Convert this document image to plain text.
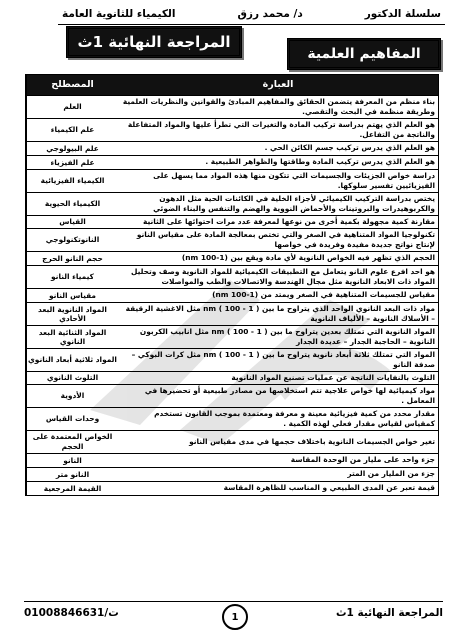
سلسلة الدكتور
د/ محمد رزق
الكيمياء للثانوية العامة
المراجعة النهائية 1ث
المفاهيم العلمية
العبارة
المصطلح
بناء منظم من المعرفة يتضمن الحقائق والمفاهيم المبادئ والقوانين والنظريات العلمية وطريقة منظمة في البحث والتقصي.
العلم
هو العلم الذي يهتم بدراسة تركيب المادة والتغيرات التي تطرأ عليها والمواد المتفاعلة والناتجة من التفاعل.
علم الكيمياء
هو العلم الذي يدرس تركيب جسم الكائن الحي .
علم البيولوجي
هو العلم الذي يدرس تركيب المادة وطاقتها والظواهر الطبيعية .
علم الفيزياء
دراسة خواص الجزيئات والجسيمات التي تتكون منها هذه المواد مما يسهل على الفيزيائيين تفسير سلوكها.
الكيمياء الفيزيائية
يختص بدراسة التركيب الكيميائي لأجزاء الخلية في الكائنات الحية مثل الدهون والكربوهيدرات والبروتينات والأحماض النووية والهضم والتنفس والبناء الضوئي
الكيمياء الحيوية
مقارنة كمية مجهولة بكمية أخرى من نوعها لمعرفة عدد مرات احتوائها على الثانية
القياس
تكنولوجيا المواد المتناهية في الصغر والتي تختص بمعالجة المادة على مقياس النانو لإنتاج نواتج جديدة مفيدة وفريدة في خواصها
النانوتكنولوجي
الحجم الذي تظهر فيه الخواص النانوية لأي مادة ويقع بين (1-100 nm)
حجم النانو الحرج
هو احد افرع علوم النانو يتعامل مع التطبيقات الكيميائية للمواد النانوية وصف وتحليل المواد ذات الابعاد النانوية مثل مجال الهندسة والاتصالات والطب والمواصلات
كيمياء النانو
مقياس للجسيمات المتناهية في الصغر ويمتد من (1-100 nm)
مقياس النانو
مواد ذات البعد النانوي الواحد الذي يتراوح ما بين ( 1 - 100 ) nm مثل الاغشية الرقيقة – الأسلاك النانوية – الألياف النانوية
المواد النانوية البعد الأحادي
المواد النانوية التي تمتلك بعدين يتراوح ما بين ( 1 - 100 ) nm مثل انابيب الكربون النانوية – الحاجبة الجدار – عديدة الجدار
المواد الثنائية البعد النانوي
المواد التي تمتلك ثلاثة أبعاد نانوية يتراوح ما بين ( 1 - 100 ) nm مثل كرات البوكي – صدفة النانو
المواد ثلاثية أبعاد النانوي
التلوث بالنفايات الناتجة عن عمليات تصنيع المواد النانوية
التلوث النانوي
مواد كيميائية لها خواص علاجية تتم استخلاصها من مصادر طبيعية أو تحضيرها في المعامل .
الأدوية
مقدار محدد من كمية فيزيائية معينة و معرفة ومعتمدة بموجب القانون تستخدم كمقياس لقياس مقدار فعلي لهذه الكمية .
وحدات القياس
تغير خواص الجسيمات النانوية باختلاف حجمها في مدى مقياس النانو
الخواص المعتمدة على الحجم
جزء واحد على مليار من الوحدة المقاسة
النانو
جزء من المليار من المتر
النانو متر
قيمة تعبر عن المدى الطبيعي و المناسب للظاهرة المقاسة
القيمة المرجعية
المراجعة النهائية 1ث
ت/01008846631	1
